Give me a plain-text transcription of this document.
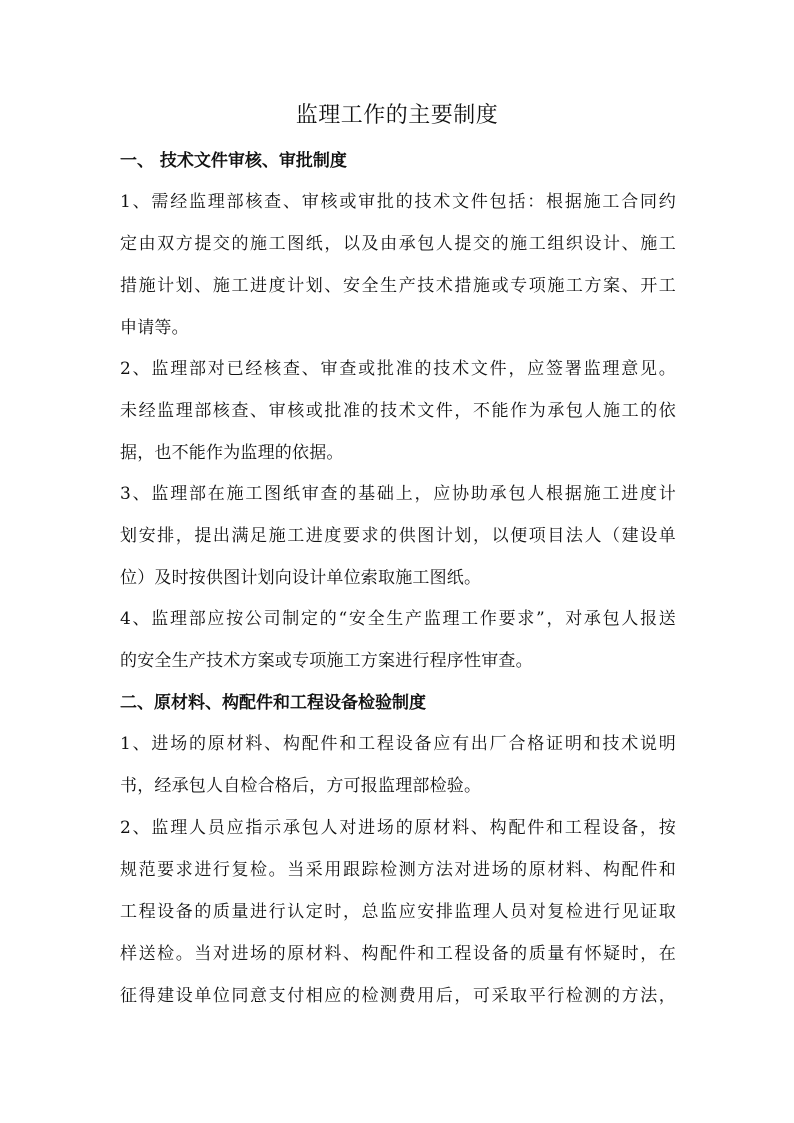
监理工作的主要制度
一、 技术文件审核、审批制度
1、需经监理部核查、审核或审批的技术文件包括：根据施工合同约
定由双方提交的施工图纸，以及由承包人提交的施工组织设计、施工
措施计划、施工进度计划、安全生产技术措施或专项施工方案、开工
申请等。
2、监理部对已经核查、审查或批准的技术文件，应签署监理意见。
未经监理部核查、审核或批准的技术文件，不能作为承包人施工的依
据，也不能作为监理的依据。
3、监理部在施工图纸审查的基础上，应协助承包人根据施工进度计
划安排，提出满足施工进度要求的供图计划，以便项目法人（建设单
位）及时按供图计划向设计单位索取施工图纸。
4、监理部应按公司制定的“安全生产监理工作要求”，对承包人报送
的安全生产技术方案或专项施工方案进行程序性审查。
二、原材料、构配件和工程设备检验制度
1、进场的原材料、构配件和工程设备应有出厂合格证明和技术说明
书，经承包人自检合格后，方可报监理部检验。
2、监理人员应指示承包人对进场的原材料、构配件和工程设备，按
规范要求进行复检。当采用跟踪检测方法对进场的原材料、构配件和
工程设备的质量进行认定时，总监应安排监理人员对复检进行见证取
样送检。当对进场的原材料、构配件和工程设备的质量有怀疑时，在
征得建设单位同意支付相应的检测费用后，可采取平行检测的方法，
